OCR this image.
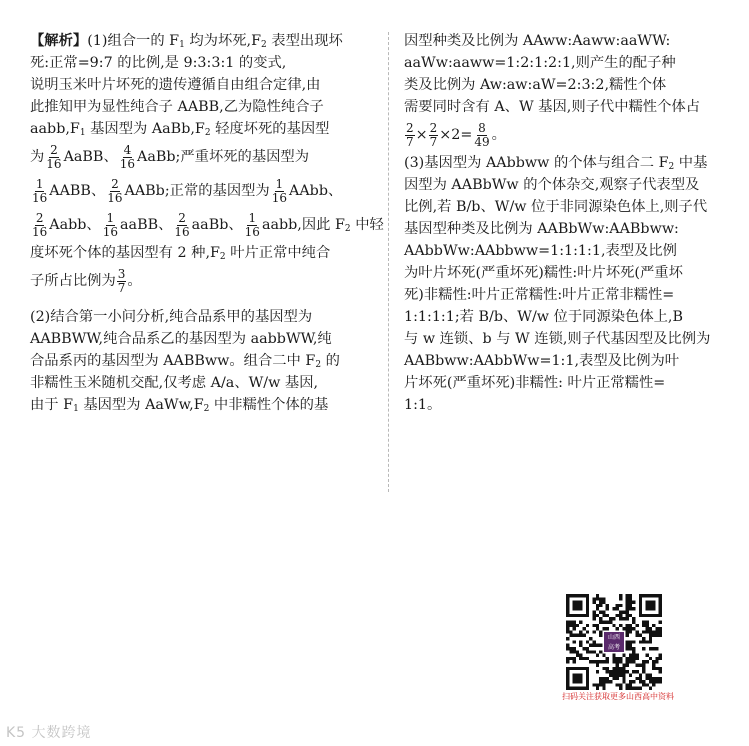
【解析】(1)组合一的 $F_1$ 均为坏死$,F_2$ 表型出现坏
死:正常=9:7 的比例,是 9:3:3:1 的变式,
说明玉米叶片坏死的遗传遵循自由组合定律,由
此推知甲为显性纯合子 AABB,乙为隐性纯合子
$aabb,F_1$ 基因型为 $AaBb,F_2$ 轻度坏死的基因型
为 $\frac{2}{16}$ AaBB、 $\frac{4}{16}$ AaBb;严重坏死的基因型为
$\frac{1}{16}$ AABB、 $\frac{2}{16}$ AABb;正常的基因型为 $\frac{1}{16}$ AAbb、
$\frac{2}{16}$ Aabb、 $\frac{1}{16}$ aaBB、 $\frac{2}{16}$ aaBb、 $\frac{1}{16}$ aabb,因此 $F_2$ 中轻
度坏死个体的基因型有 2 种$,F_2$ 叶片正常中纯合
子所占比例为 $\frac{3}{7}$ 。
(2)结合第一小问分析,纯合品系甲的基因型为
AABBWW,纯合品系乙的基因型为 aabbWW,纯
合品系丙的基因型为 AABBww。组合二中 $F_2$ 的
非糯性玉米随机交配,仅考虑 A/a、W/w 基因,
由于 $F_1$ 基因型为 $AaWw,F_2$ 中非糯性个体的基
因型种类及比例为 AAww:Aaww:aaWW:
aaWw:aaww=1:2:1:2:1,则产生的配子种
类及比例为 Aw:aw:aW=2:3:2,糯性个体
需要同时含有 A、W 基因,则子代中糯性个体占
$\frac{2}{7} \times \frac{2}{7} \times 2= \frac{8}{49}$ 。
(3)基因型为 AAbbww 的个体与组合二 $F_2$ 中基
因型为 AABbWw 的个体杂交,观察子代表型及
比例,若 B/b、W/w 位于非同源染色体上,则子代
基因型种类及比例为 AABbWw:AABbww:
AAbbWw:AAbbww=1:1:1:1,表型及比例
为叶片坏死(严重坏死)糯性:叶片坏死(严重坏
死)非糯性:叶片正常糯性:叶片正常非糯性=
1:1:1:1;若 B/b、W/w 位于同源染色体上,B
与 w 连锁、b 与 W 连锁,则子代基因型及比例为
AABbww:AAbbWw=1:1,表型及比例为叶
片坏死(严重坏死)非糯性: 叶片正常糯性=
1:1。
山西
高考
扫码关注获取更多山西高中资料
K5 大数跨境
